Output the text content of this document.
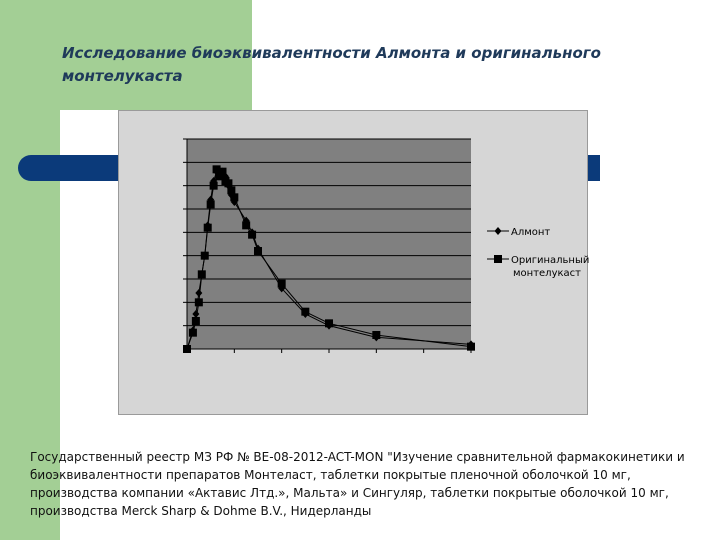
Исследование биоэквивалентности Алмонта и оригинального монтелукаста
Алмонт
Оригинальный монтелукаст
Государственный реестр МЗ РФ № BE-08-2012-ACT-MON "Изучение сравнительной фармакокинетики и биоэквивалентности препаратов Монтеласт, таблетки покрытые пленочной оболочкой 10 мг, производства компании «Актавис Лтд.», Мальта» и Сингуляр, таблетки покрытые оболочкой 10 мг, производства Merck Sharp & Dohme B.V., Нидерланды
